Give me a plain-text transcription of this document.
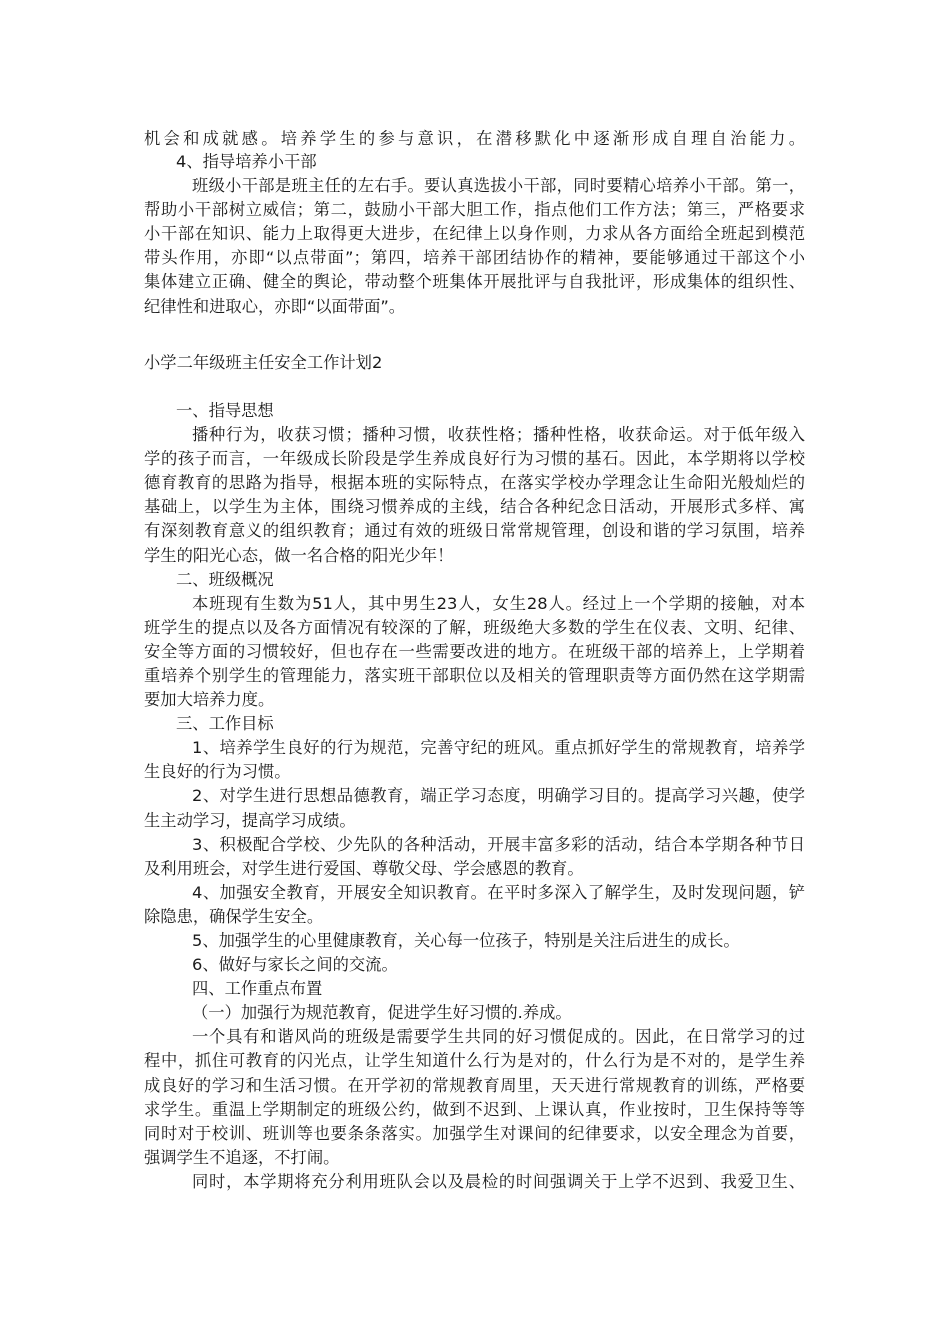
机会和成就感。培养学生的参与意识，在潜移默化中逐渐形成自理自治能力。
4、指导培养小干部
班级小干部是班主任的左右手。要认真选拔小干部，同时要精心培养小干部。第一，
帮助小干部树立威信；第二，鼓励小干部大胆工作，指点他们工作方法；第三，严格要求
小干部在知识、能力上取得更大进步，在纪律上以身作则，力求从各方面给全班起到模范
带头作用，亦即“以点带面”；第四，培养干部团结协作的精神，要能够通过干部这个小
集体建立正确、健全的舆论，带动整个班集体开展批评与自我批评，形成集体的组织性、
纪律性和进取心，亦即“以面带面”。
小学二年级班主任安全工作计划2
一、指导思想
播种行为，收获习惯；播种习惯，收获性格；播种性格，收获命运。对于低年级入
学的孩子而言，一年级成长阶段是学生养成良好行为习惯的基石。因此，本学期将以学校
德育教育的思路为指导，根据本班的实际特点，在落实学校办学理念让生命阳光般灿烂的
基础上，以学生为主体，围绕习惯养成的主线，结合各种纪念日活动，开展形式多样、寓
有深刻教育意义的组织教育；通过有效的班级日常常规管理，创设和谐的学习氛围，培养
学生的阳光心态，做一名合格的阳光少年！
二、班级概况
本班现有生数为51人，其中男生23人，女生28人。经过上一个学期的接触，对本
班学生的提点以及各方面情况有较深的了解，班级绝大多数的学生在仪表、文明、纪律、
安全等方面的习惯较好，但也存在一些需要改进的地方。在班级干部的培养上，上学期着
重培养个别学生的管理能力，落实班干部职位以及相关的管理职责等方面仍然在这学期需
要加大培养力度。
三、工作目标
1、培养学生良好的行为规范，完善守纪的班风。重点抓好学生的常规教育，培养学
生良好的行为习惯。
2、对学生进行思想品德教育，端正学习态度，明确学习目的。提高学习兴趣，使学
生主动学习，提高学习成绩。
3、积极配合学校、少先队的各种活动，开展丰富多彩的活动，结合本学期各种节日
及利用班会，对学生进行爱国、尊敬父母、学会感恩的教育。
4、加强安全教育，开展安全知识教育。在平时多深入了解学生，及时发现问题，铲
除隐患，确保学生安全。
5、加强学生的心里健康教育，关心每一位孩子，特别是关注后进生的成长。
6、做好与家长之间的交流。
四、工作重点布置
（一）加强行为规范教育，促进学生好习惯的.养成。
一个具有和谐风尚的班级是需要学生共同的好习惯促成的。因此，在日常学习的过
程中，抓住可教育的闪光点，让学生知道什么行为是对的，什么行为是不对的，是学生养
成良好的学习和生活习惯。在开学初的常规教育周里，天天进行常规教育的训练，严格要
求学生。重温上学期制定的班级公约，做到不迟到、上课认真，作业按时，卫生保持等等
同时对于校训、班训等也要条条落实。加强学生对课间的纪律要求，以安全理念为首要，
强调学生不追逐，不打闹。
同时，本学期将充分利用班队会以及晨检的时间强调关于上学不迟到、我爱卫生、
